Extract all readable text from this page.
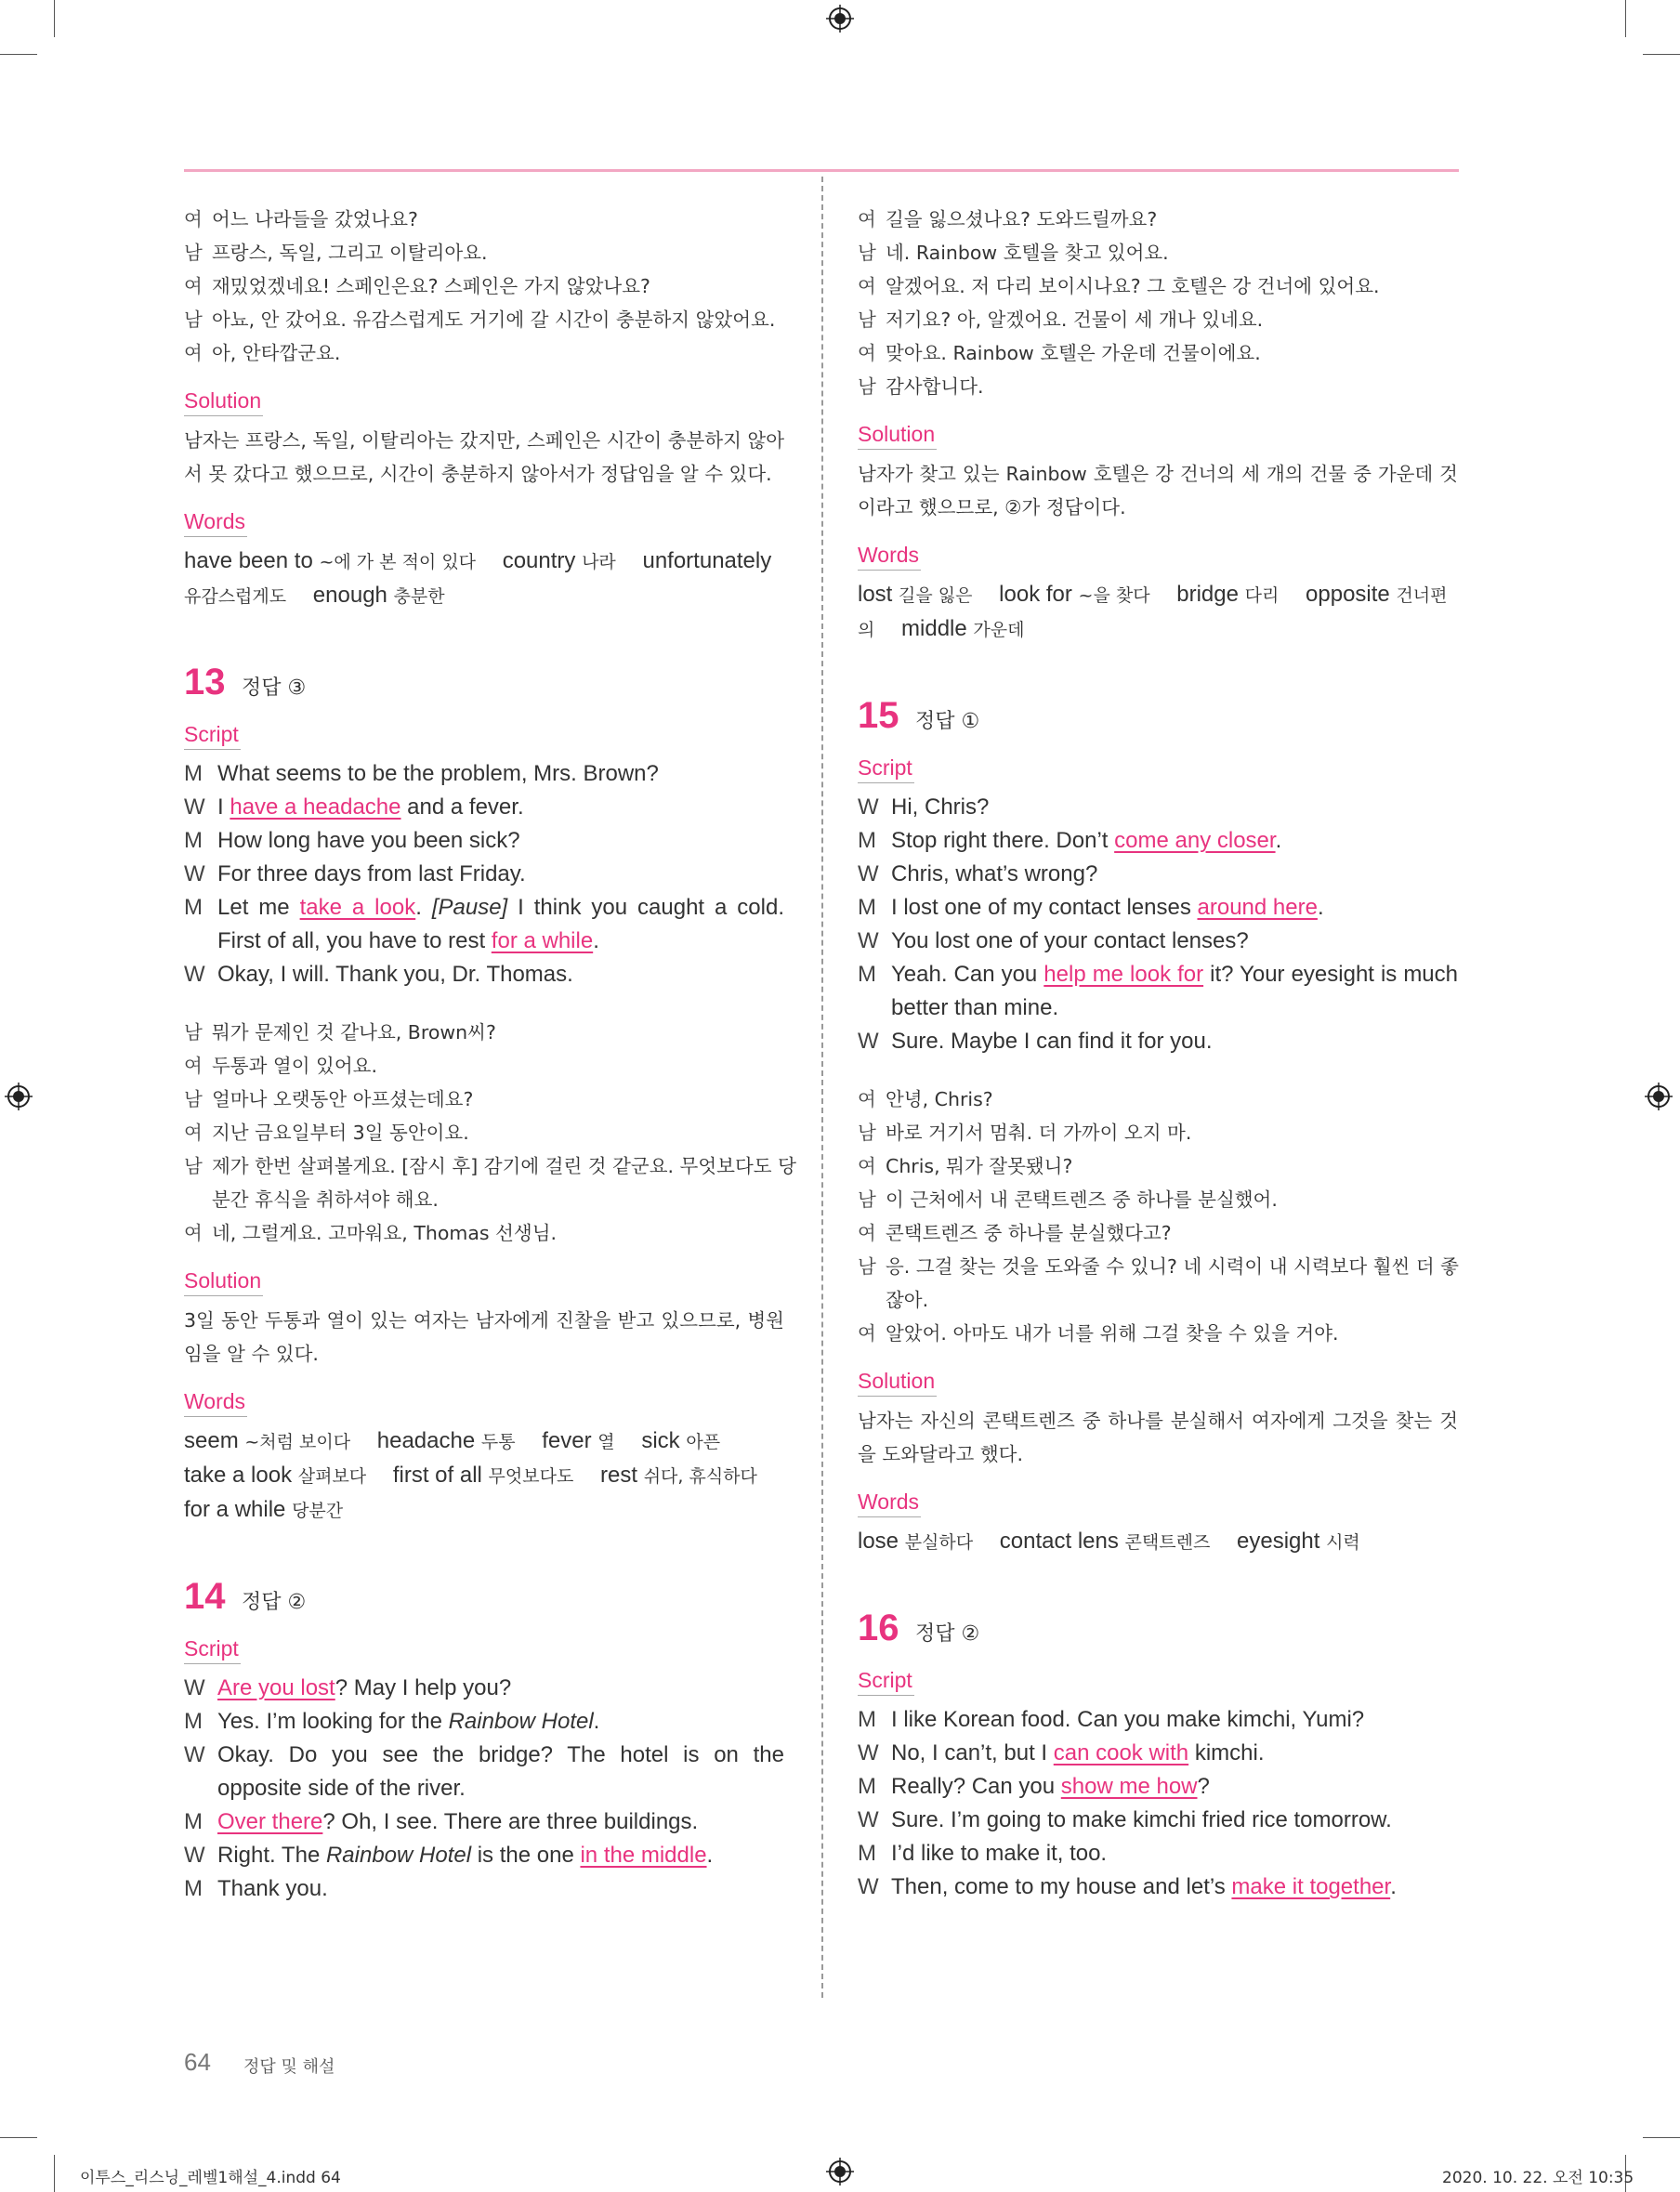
여 어느 나라들을 갔었나요?
남 프랑스, 독일, 그리고 이탈리아요.
여 재밌었겠네요! 스페인은요? 스페인은 가지 않았나요?
남 아뇨, 안 갔어요. 유감스럽게도 거기에 갈 시간이 충분하지 않았어요.
여 아, 안타깝군요.
Solution
남자는 프랑스, 독일, 이탈리아는 갔지만, 스페인은 시간이 충분하지 않아서 못 갔다고 했으므로, 시간이 충분하지 않아서가 정답임을 알 수 있다.
Words
have been to ~에 가 본 적이 있다 country 나라 unfortunately 유감스럽게도 enough 충분한
13 정답 ③
Script
M What seems to be the problem, Mrs. Brown?
W I have a headache and a fever.
M How long have you been sick?
W For three days from last Friday.
M Let me take a look. [Pause] I think you caught a cold. First of all, you have to rest for a while.
W Okay, I will. Thank you, Dr. Thomas.
남 뭐가 문제인 것 같나요, Brown씨?
여 두통과 열이 있어요.
남 얼마나 오랫동안 아프셨는데요?
여 지난 금요일부터 3일 동안이요.
남 제가 한번 살펴볼게요. [잠시 후] 감기에 걸린 것 같군요. 무엇보다도 당
분간 휴식을 취하셔야 해요.
여 네, 그럴게요. 고마워요, Thomas 선생님.
Solution
3일 동안 두통과 열이 있는 여자는 남자에게 진찰을 받고 있으므로, 병원임을 알 수 있다.
Words
seem ~처럼 보이다 headache 두통 fever 열 sick 아픈 take a look 살펴보다 first of all 무엇보다도 rest 쉬다, 휴식하다 for a while 당분간
14 정답 ②
Script
W Are you lost? May I help you?
M Yes. I’m looking for the Rainbow Hotel.
W Okay. Do you see the bridge? The hotel is on the opposite side of the river.
M Over there? Oh, I see. There are three buildings.
W Right. The Rainbow Hotel is the one in the middle.
M Thank you.
여 길을 잃으셨나요? 도와드릴까요?
남 네. Rainbow 호텔을 찾고 있어요.
여 알겠어요. 저 다리 보이시나요? 그 호텔은 강 건너에 있어요.
남 저기요? 아, 알겠어요. 건물이 세 개나 있네요.
여 맞아요. Rainbow 호텔은 가운데 건물이에요.
남 감사합니다.
Solution
남자가 찾고 있는 Rainbow 호텔은 강 건너의 세 개의 건물 중 가운데 것이라고 했으므로, ②가 정답이다.
Words
lost 길을 잃은 look for ~을 찾다 bridge 다리 opposite 건너편의 middle 가운데
15 정답 ①
Script
W Hi, Chris?
M Stop right there. Don’t come any closer.
W Chris, what’s wrong?
M I lost one of my contact lenses around here.
W You lost one of your contact lenses?
M Yeah. Can you help me look for it? Your eyesight is much better than mine.
W Sure. Maybe I can find it for you.
여 안녕, Chris?
남 바로 거기서 멈춰. 더 가까이 오지 마.
여 Chris, 뭐가 잘못됐니?
남 이 근처에서 내 콘택트렌즈 중 하나를 분실했어.
여 콘택트렌즈 중 하나를 분실했다고?
남 응. 그걸 찾는 것을 도와줄 수 있니? 네 시력이 내 시력보다 훨씬 더 좋
잖아.
여 알았어. 아마도 내가 너를 위해 그걸 찾을 수 있을 거야.
Solution
남자는 자신의 콘택트렌즈 중 하나를 분실해서 여자에게 그것을 찾는 것을 도와달라고 했다.
Words
lose 분실하다 contact lens 콘택트렌즈 eyesight 시력
16 정답 ②
Script
M I like Korean food. Can you make kimchi, Yumi?
W No, I can’t, but I can cook with kimchi.
M Really? Can you show me how?
W Sure. I’m going to make kimchi fried rice tomorrow.
M I’d like to make it, too.
W Then, come to my house and let’s make it together.
64 정답 및 해설
이투스_리스닝_레벨1해설_4.indd 64	2020. 10. 22. 오전 10:35
